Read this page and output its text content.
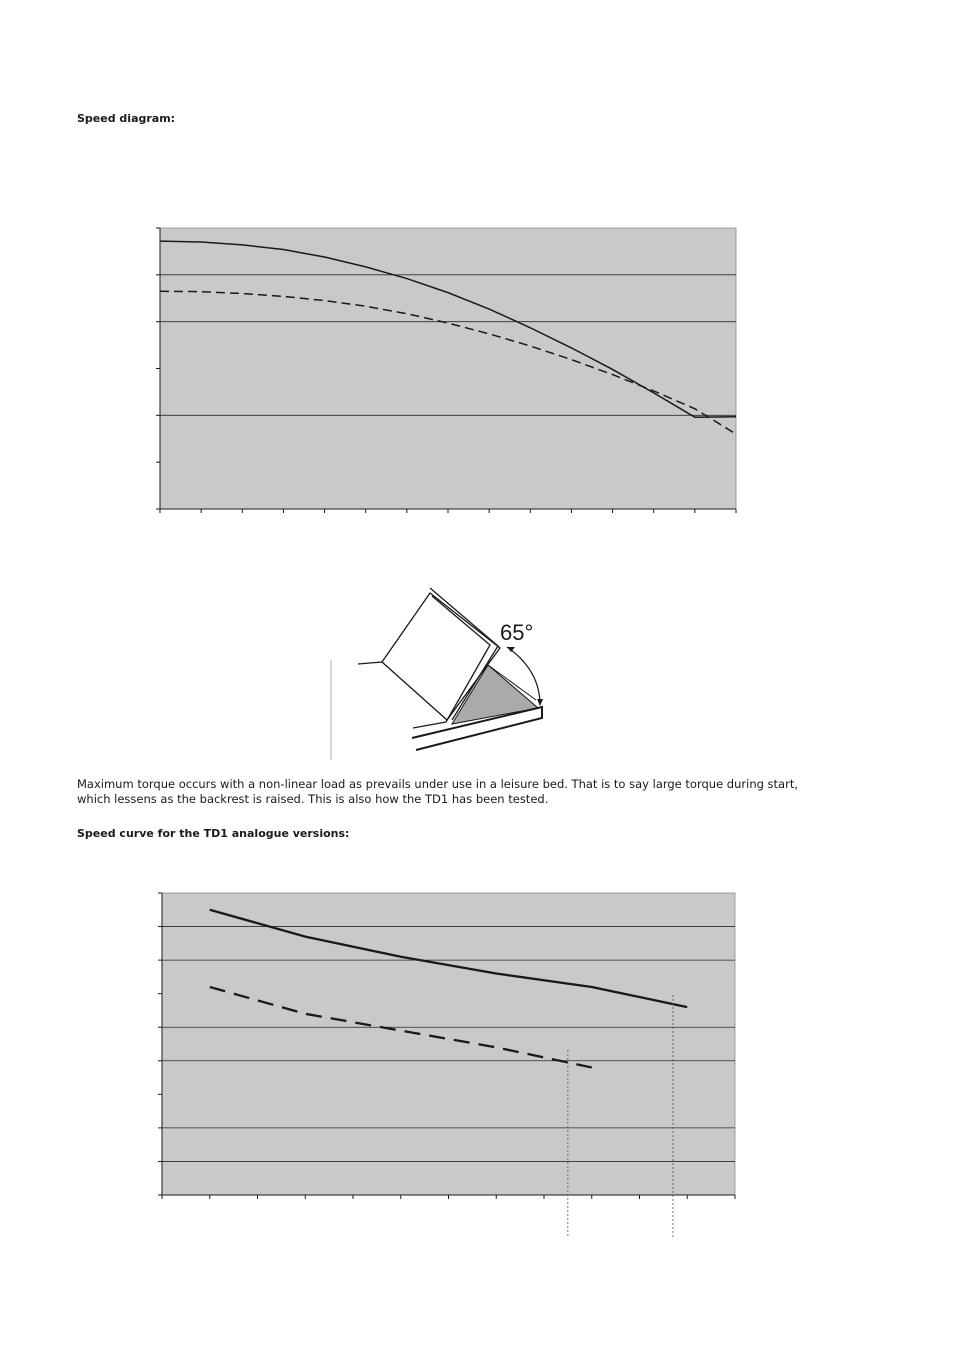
Speed diagram:
65°
Maximum torque occurs with a non-linear load as prevails under use in a leisure bed. That is to say large torque during start, which lessens as the backrest is raised. This is also how the TD1 has been tested.
Speed curve for the TD1 analogue versions:
